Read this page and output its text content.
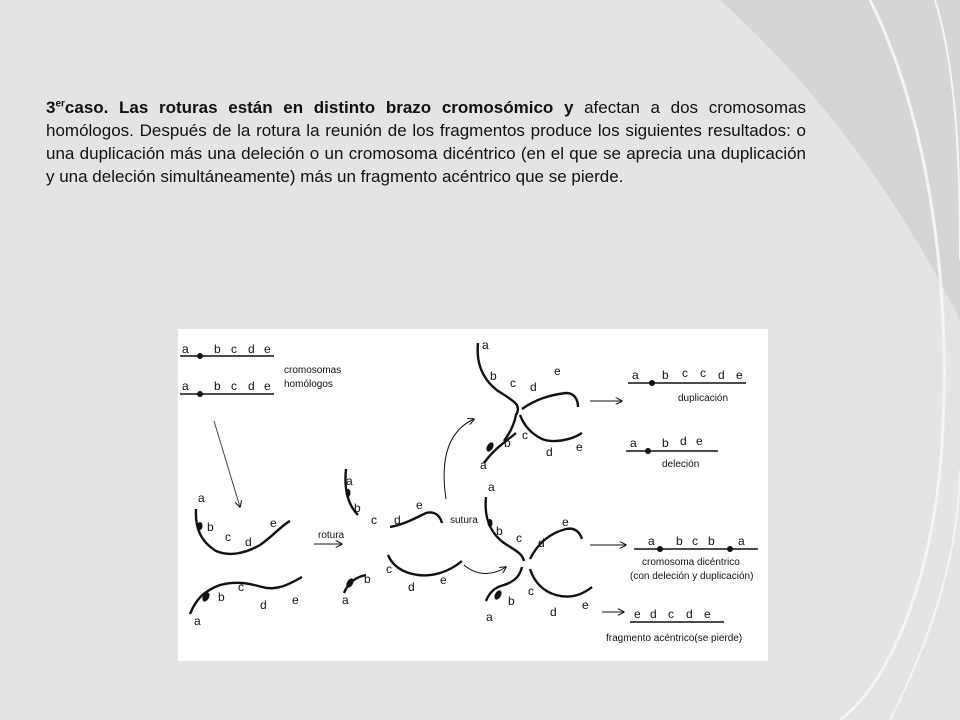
3ercaso. Las roturas están en distinto brazo cromosómico y afectan a dos cromosomas homólogos. Después de la rotura la reunión de los fragmentos produce los siguientes resultados: o una duplicación más una deleción o un cromosoma dicéntrico (en el que se aprecia una duplicación y una deleción simultáneamente) más un fragmento acéntrico que se pierde.

a b c d e
a b c d e
cromosomas
homólogos
a
b
c d
e
a
b
c
d e
rotura
a
b
c d
e
a
b
c
d e
sutura
a
b c d
e
a
b
c
d e
a
b c d
e
a
b
c
d e
a b c c d e
duplicación
a b d e
deleción
a b c b a
cromosoma dicéntrico
(con deleción y duplicación)
e d c d e
fragmento acéntrico(se pierde)
